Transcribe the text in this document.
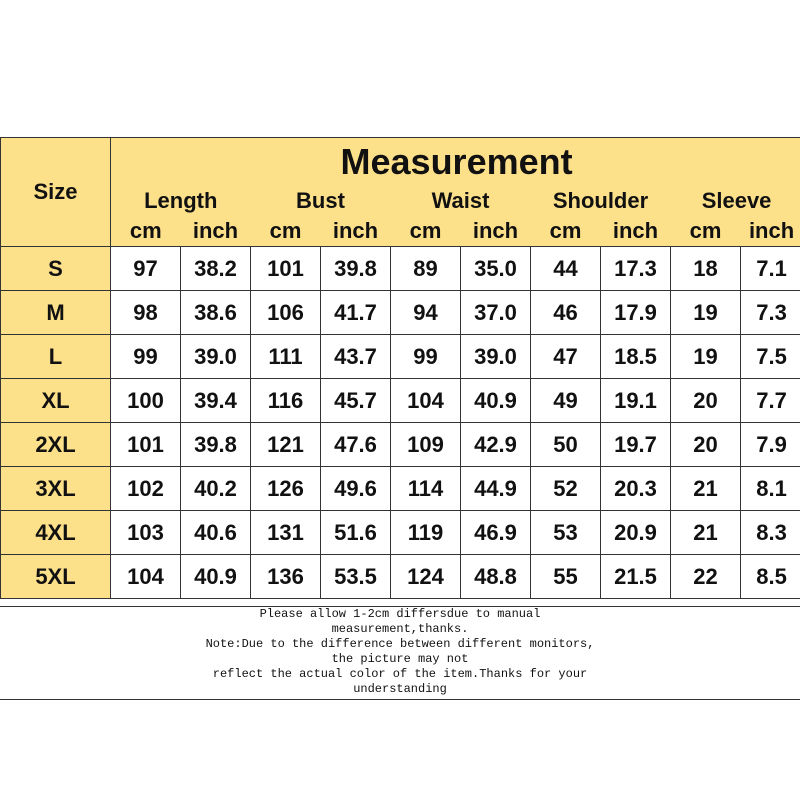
Size	Measurement									
	Length		Bust		Waist		Shoulder		Sleeve	
	cm	inch	cm	inch	cm	inch	cm	inch	cm	inch
S	97	38.2	101	39.8	89	35.0	44	17.3	18	7.1
M	98	38.6	106	41.7	94	37.0	46	17.9	19	7.3
L	99	39.0	111	43.7	99	39.0	47	18.5	19	7.5
XL	100	39.4	116	45.7	104	40.9	49	19.1	20	7.7
2XL	101	39.8	121	47.6	109	42.9	50	19.7	20	7.9
3XL	102	40.2	126	49.6	114	44.9	52	20.3	21	8.1
4XL	103	40.6	131	51.6	119	46.9	53	20.9	21	8.3
5XL	104	40.9	136	53.5	124	48.8	55	21.5	22	8.5
Please allow 1-2cm differsdue to manual
measurement,thanks.
Note:Due to the difference between different monitors,
the picture may not
reflect the actual color of the item.Thanks for your
understanding
